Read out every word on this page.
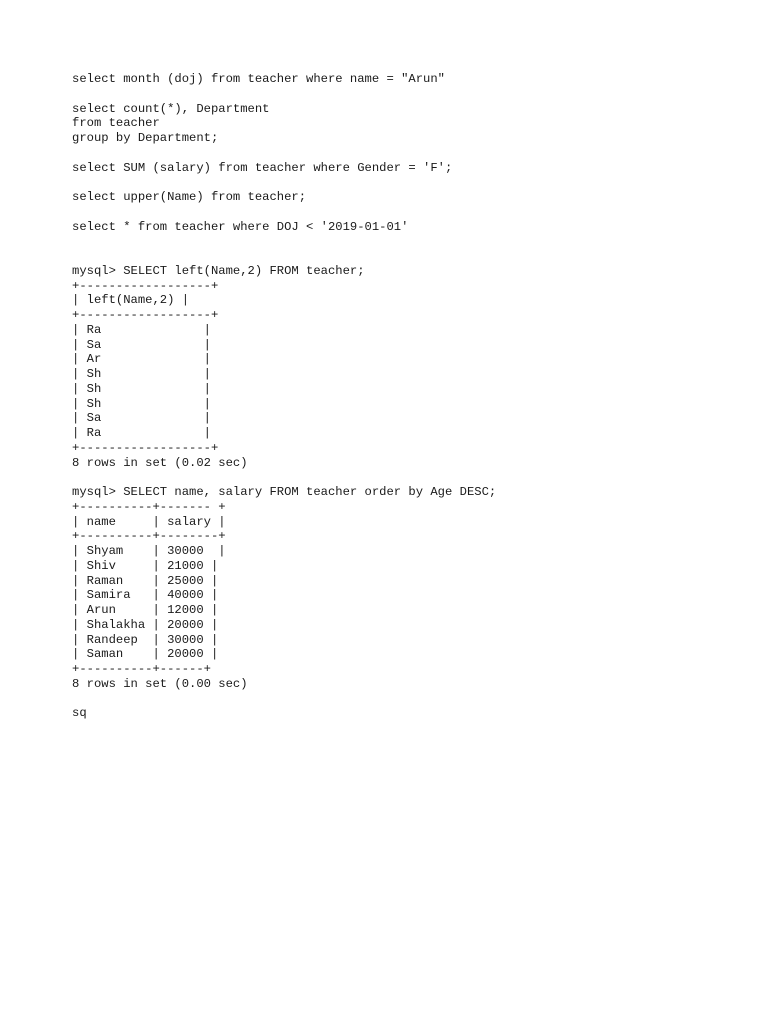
select month (doj) from teacher where name = "Arun"
select count(*), Department
from teacher
group by Department;
select SUM (salary) from teacher where Gender = 'F';
select upper(Name) from teacher;
select * from teacher where DOJ < '2019-01-01'
mysql> SELECT left(Name,2) FROM teacher;
+------------------+
| left(Name,2) |
+------------------+
| Ra              |
| Sa              |
| Ar              |
| Sh              |
| Sh              |
| Sh              |
| Sa              |
| Ra              |
+------------------+
8 rows in set (0.02 sec)
mysql> SELECT name, salary FROM teacher order by Age DESC;
+----------+------- +
| name     | salary |
+----------+--------+
| Shyam    | 30000  |
| Shiv     | 21000 |
| Raman    | 25000 |
| Samira   | 40000 |
| Arun     | 12000 |
| Shalakha | 20000 |
| Randeep  | 30000 |
| Saman    | 20000 |
+----------+------+
8 rows in set (0.00 sec)
sq
